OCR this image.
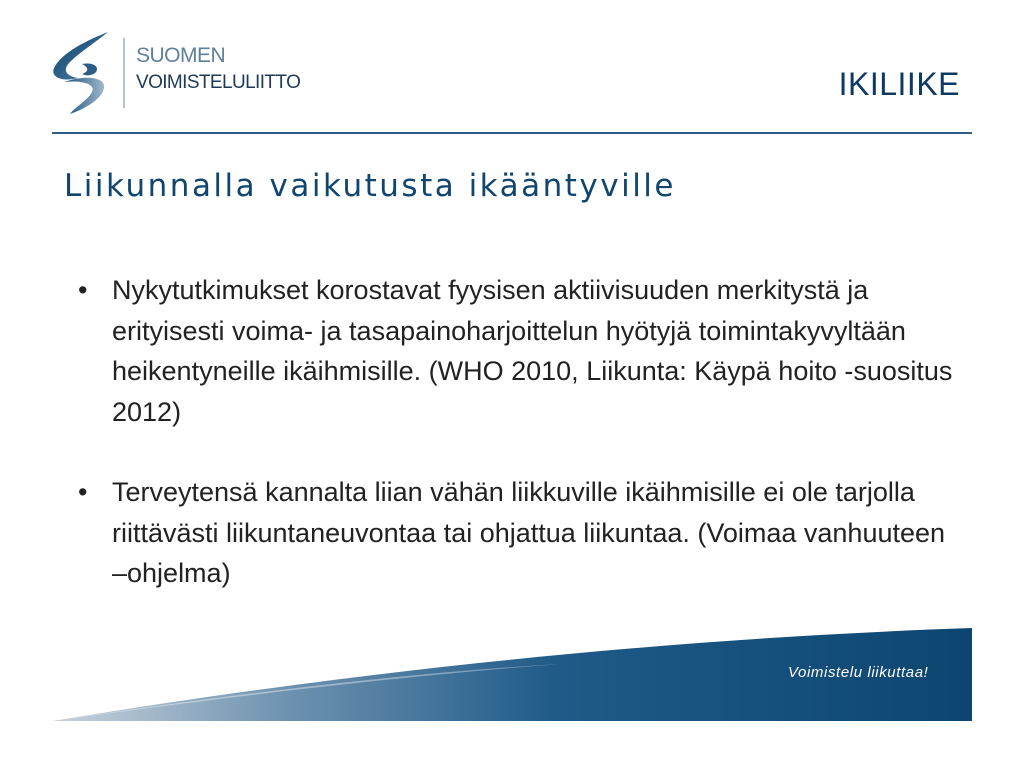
SUOMEN
VOIMISTELULIITTO	IKILIIKE
Liikunnalla vaikutusta ikääntyville
• Nykytutkimukset korostavat fyysisen aktiivisuuden merkitystä ja erityisesti voima- ja tasapainoharjoittelun hyötyjä toimintakyvyltään heikentyneille ikäihmisille. (WHO 2010, Liikunta: Käypä hoito -suositus 2012)
• Terveytensä kannalta liian vähän liikkuville ikäihmisille ei ole tarjolla riittävästi liikuntaneuvontaa tai ohjattua liikuntaa. (Voimaa vanhuuteen –ohjelma)
Voimistelu liikuttaa!
